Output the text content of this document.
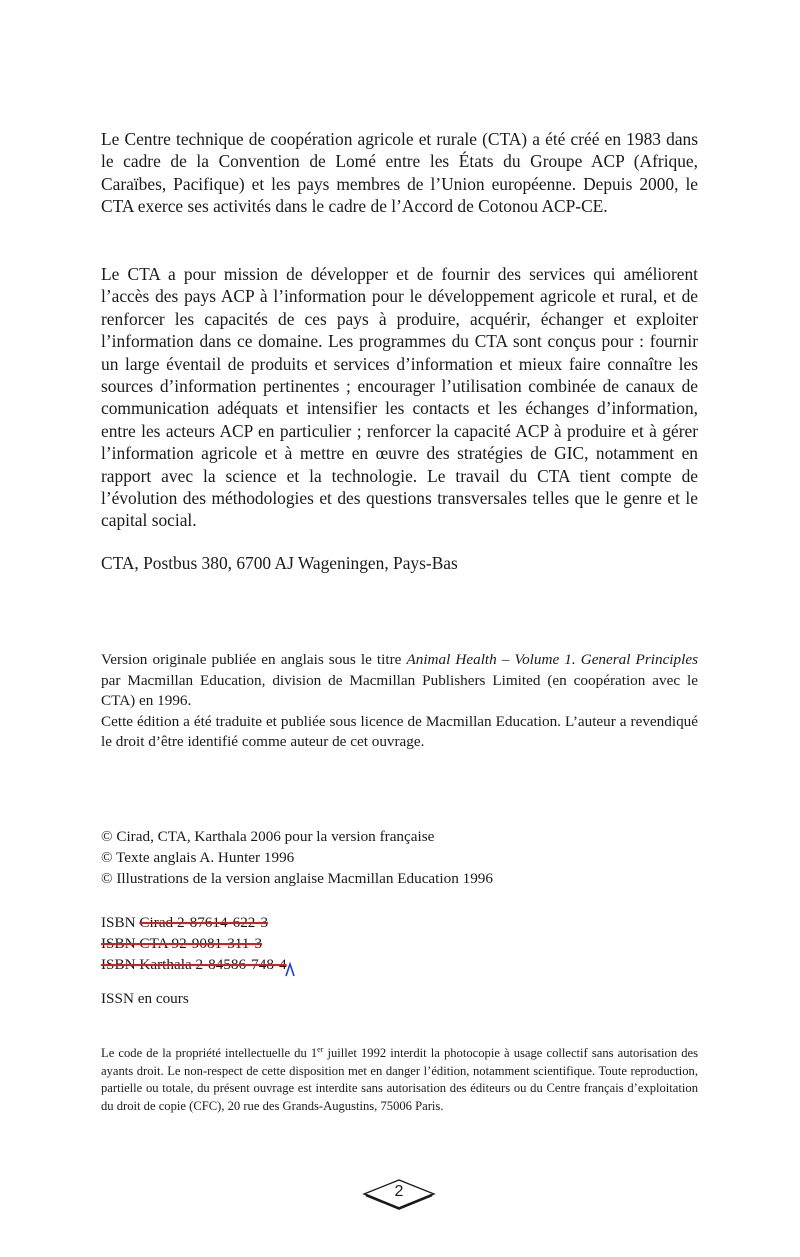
Le Centre technique de coopération agricole et rurale (CTA) a été créé en 1983 dans le cadre de la Convention de Lomé entre les États du Groupe ACP (Afrique, Caraïbes, Pacifique) et les pays membres de l’Union européenne. Depuis 2000, le CTA exerce ses activités dans le cadre de l’Accord de Cotonou ACP-CE.
Le CTA a pour mission de développer et de fournir des services qui améliorent l’accès des pays ACP à l’information pour le développement agricole et rural, et de renforcer les capacités de ces pays à produire, acquérir, échanger et exploiter l’information dans ce domaine. Les programmes du CTA sont conçus pour : fournir un large éventail de produits et services d’information et mieux faire connaître les sources d’information pertinentes ; encourager l’utilisation combinée de canaux de communication adéquats et intensifier les contacts et les échanges d’information, entre les acteurs ACP en particulier ; renforcer la capacité ACP à produire et à gérer l’information agricole et à mettre en œuvre des stratégies de GIC, notamment en rapport avec la science et la technologie. Le travail du CTA tient compte de l’évolution des méthodologies et des questions transversales telles que le genre et le capital social.
CTA, Postbus 380, 6700 AJ Wageningen, Pays-Bas
Version originale publiée en anglais sous le titre Animal Health – Volume 1. General Principles par Macmillan Education, division de Macmillan Publishers Limited (en coopération avec le CTA) en 1996.
Cette édition a été traduite et publiée sous licence de Macmillan Education. L’auteur a revendiqué le droit d’être identifié comme auteur de cet ouvrage.
© Cirad, CTA, Karthala 2006 pour la version française
© Texte anglais A. Hunter 1996
© Illustrations de la version anglaise Macmillan Education 1996
ISBN Cirad 2-87614-622-3
ISBN CTA 92-9081-311-3
ISBN Karthala 2-84586-748-4
ISSN en cours
Le code de la propriété intellectuelle du 1er juillet 1992 interdit la photocopie à usage collectif sans autorisation des ayants droit. Le non-respect de cette disposition met en danger l’édition, notamment scientifique. Toute reproduction, partielle ou totale, du présent ouvrage est interdite sans autorisation des éditeurs ou du Centre français d’exploitation du droit de copie (CFC), 20 rue des Grands-Augustins, 75006 Paris.
2
